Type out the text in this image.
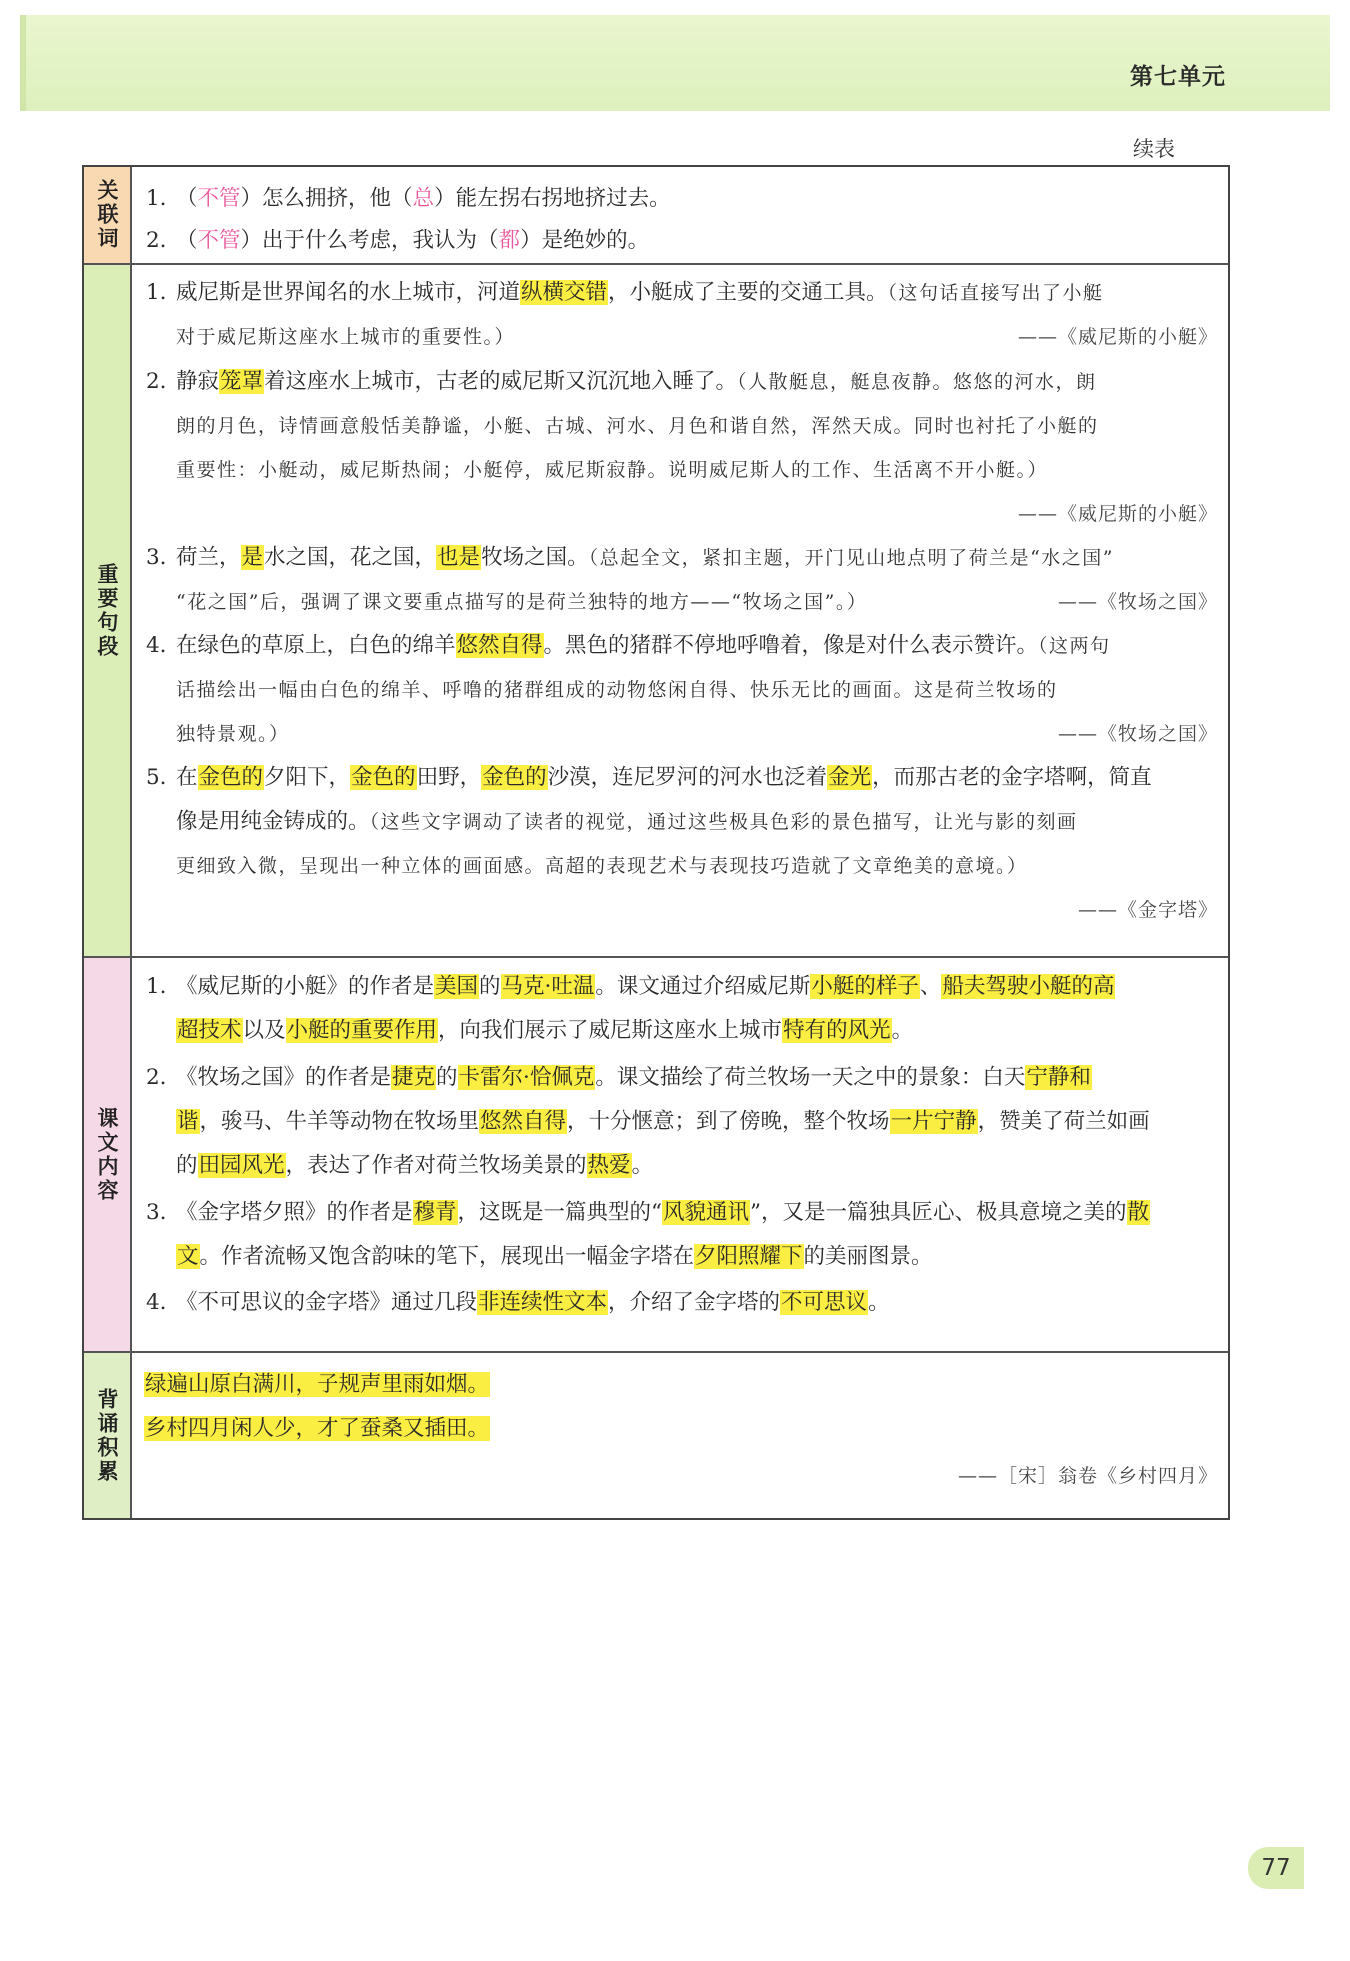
第七单元
续表
关联词	1. （不管）怎么拥挤，他（总）能左拐右拐地挤过去。
2. （不管）出于什么考虑，我认为（都）是绝妙的。
重要句段
1. 威尼斯是世界闻名的水上城市，河道纵横交错，小艇成了主要的交通工具。（这句话直接写出了小艇
对于威尼斯这座水上城市的重要性。）	——《威尼斯的小艇》
2. 静寂笼罩着这座水上城市，古老的威尼斯又沉沉地入睡了。（人散艇息，艇息夜静。悠悠的河水，朗
朗的月色，诗情画意般恬美静谧，小艇、古城、河水、月色和谐自然，浑然天成。同时也衬托了小艇的
重要性：小艇动，威尼斯热闹；小艇停，威尼斯寂静。说明威尼斯人的工作、生活离不开小艇。）
——《威尼斯的小艇》
3. 荷兰，是水之国，花之国，也是牧场之国。（总起全文，紧扣主题，开门见山地点明了荷兰是“水之国”
“花之国”后，强调了课文要重点描写的是荷兰独特的地方——“牧场之国”。）	——《牧场之国》
4. 在绿色的草原上，白色的绵羊悠然自得。黑色的猪群不停地呼噜着，像是对什么表示赞许。（这两句
话描绘出一幅由白色的绵羊、呼噜的猪群组成的动物悠闲自得、快乐无比的画面。这是荷兰牧场的
独特景观。）	——《牧场之国》
5. 在金色的夕阳下，金色的田野，金色的沙漠，连尼罗河的河水也泛着金光，而那古老的金字塔啊，简直
像是用纯金铸成的。（这些文字调动了读者的视觉，通过这些极具色彩的景色描写，让光与影的刻画
更细致入微，呈现出一种立体的画面感。高超的表现艺术与表现技巧造就了文章绝美的意境。）
——《金字塔》
课文内容
1. 《威尼斯的小艇》的作者是美国的马克·吐温。课文通过介绍威尼斯小艇的样子、船夫驾驶小艇的高
超技术以及小艇的重要作用，向我们展示了威尼斯这座水上城市特有的风光。
2. 《牧场之国》的作者是捷克的卡雷尔·恰佩克。课文描绘了荷兰牧场一天之中的景象：白天宁静和
谐，骏马、牛羊等动物在牧场里悠然自得，十分惬意；到了傍晚，整个牧场一片宁静，赞美了荷兰如画
的田园风光，表达了作者对荷兰牧场美景的热爱。
3. 《金字塔夕照》的作者是穆青，这既是一篇典型的“风貌通讯”，又是一篇独具匠心、极具意境之美的散
文。作者流畅又饱含韵味的笔下，展现出一幅金字塔在夕阳照耀下的美丽图景。
4. 《不可思议的金字塔》通过几段非连续性文本，介绍了金字塔的不可思议。
背诵积累
绿遍山原白满川，子规声里雨如烟。
乡村四月闲人少，才了蚕桑又插田。
——［宋］翁卷《乡村四月》
77
